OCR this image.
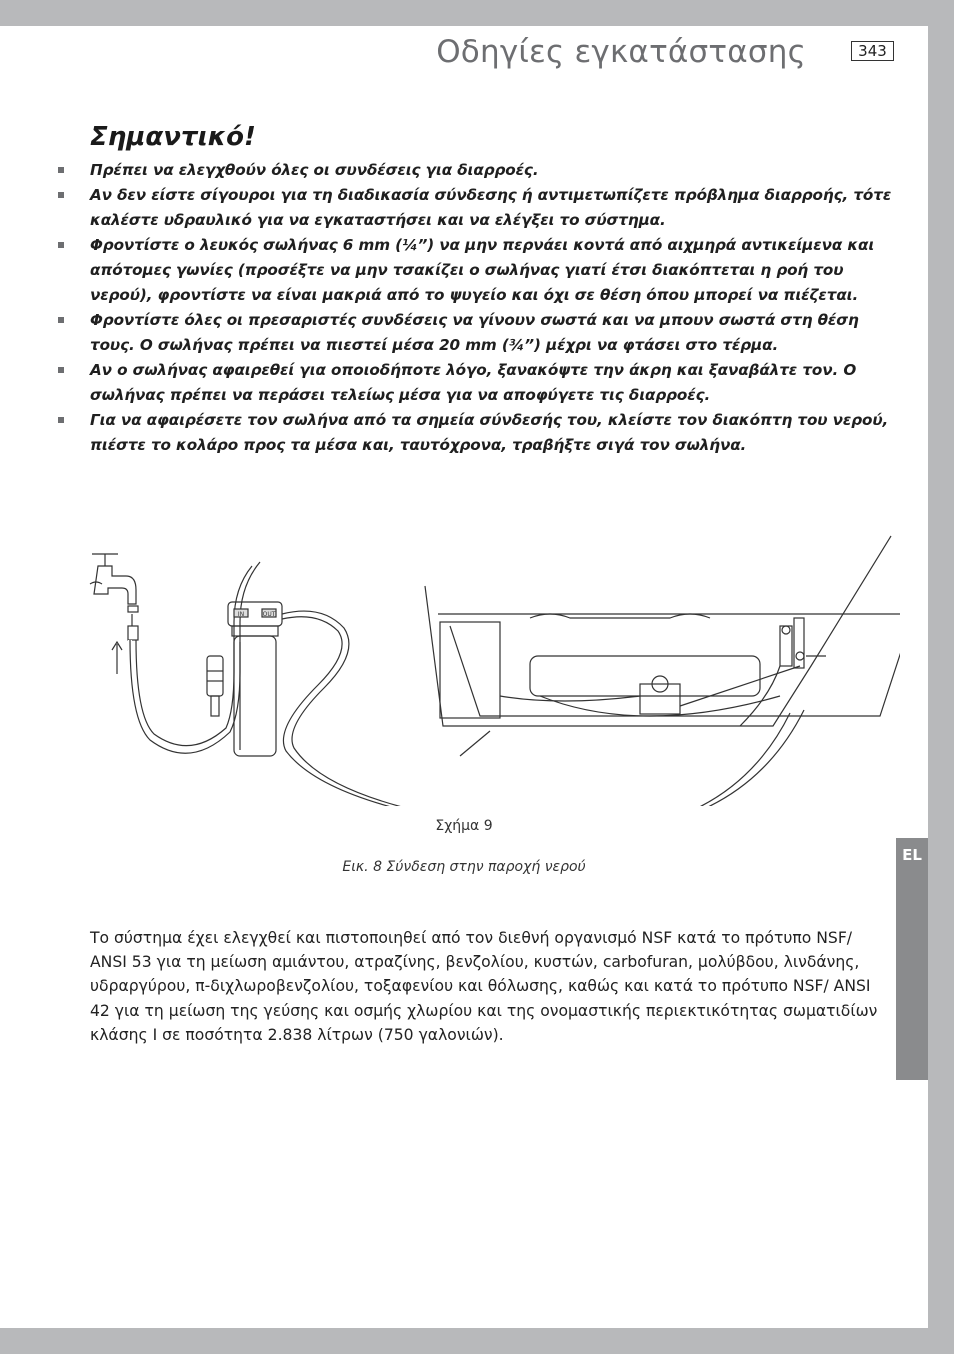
Οδηγίες εγκατάστασης	343
EL
Σημαντικό!
Πρέπει να ελεγχθούν όλες οι συνδέσεις για διαρροές.
Αν δεν είστε σίγουροι για τη διαδικασία σύνδεσης ή αντιμετωπίζετε πρόβλημα διαρροής, τότε καλέστε υδραυλικό για να εγκαταστήσει και να ελέγξει το σύστημα.
Φροντίστε ο λευκός σωλήνας 6 mm (¼”) να μην περνάει κοντά από αιχμηρά αντικείμενα και απότομες γωνίες (προσέξτε να μην τσακίζει ο σωλήνας γιατί έτσι διακόπτεται η ροή του νερού), φροντίστε να είναι μακριά από το ψυγείο και όχι σε θέση όπου μπορεί να πιέζεται.
Φροντίστε όλες οι πρεσαριστές συνδέσεις να γίνουν σωστά και να μπουν σωστά στη θέση τους. Ο σωλήνας πρέπει να πιεστεί μέσα 20 mm (¾”) μέχρι να φτάσει στο τέρμα.
Αν ο σωλήνας αφαιρεθεί για οποιοδήποτε λόγο, ξανακόψτε την άκρη και ξαναβάλτε τον. Ο σωλήνας πρέπει να περάσει τελείως μέσα για να αποφύγετε τις διαρροές.
Για να αφαιρέσετε τον σωλήνα από τα σημεία σύνδεσής του, κλείστε τον διακόπτη του νερού, πιέστε το κολάρο προς τα μέσα και, ταυτόχρονα, τραβήξτε σιγά τον σωλήνα.
IN	OUT
Σχήμα 9
Εικ. 8 Σύνδεση στην παροχή νερού

Το σύστημα έχει ελεγχθεί και πιστοποιηθεί από τον διεθνή οργανισμό NSF κατά το πρότυπο NSF/ ANSI 53 για τη μείωση αμιάντου, ατραζίνης, βενζολίου, κυστών, carbofuran, μολύβδου, λινδάνης, υδραργύρου, π-διχλωροβενζολίου, τοξαφενίου και θόλωσης, καθώς και κατά το πρότυπο NSF/ ANSI 42 για τη μείωση της γεύσης και οσμής χλωρίου και της ονομαστικής περιεκτικότητας σωματιδίων κλάσης I σε ποσότητα 2.838 λίτρων (750 γαλονιών).
